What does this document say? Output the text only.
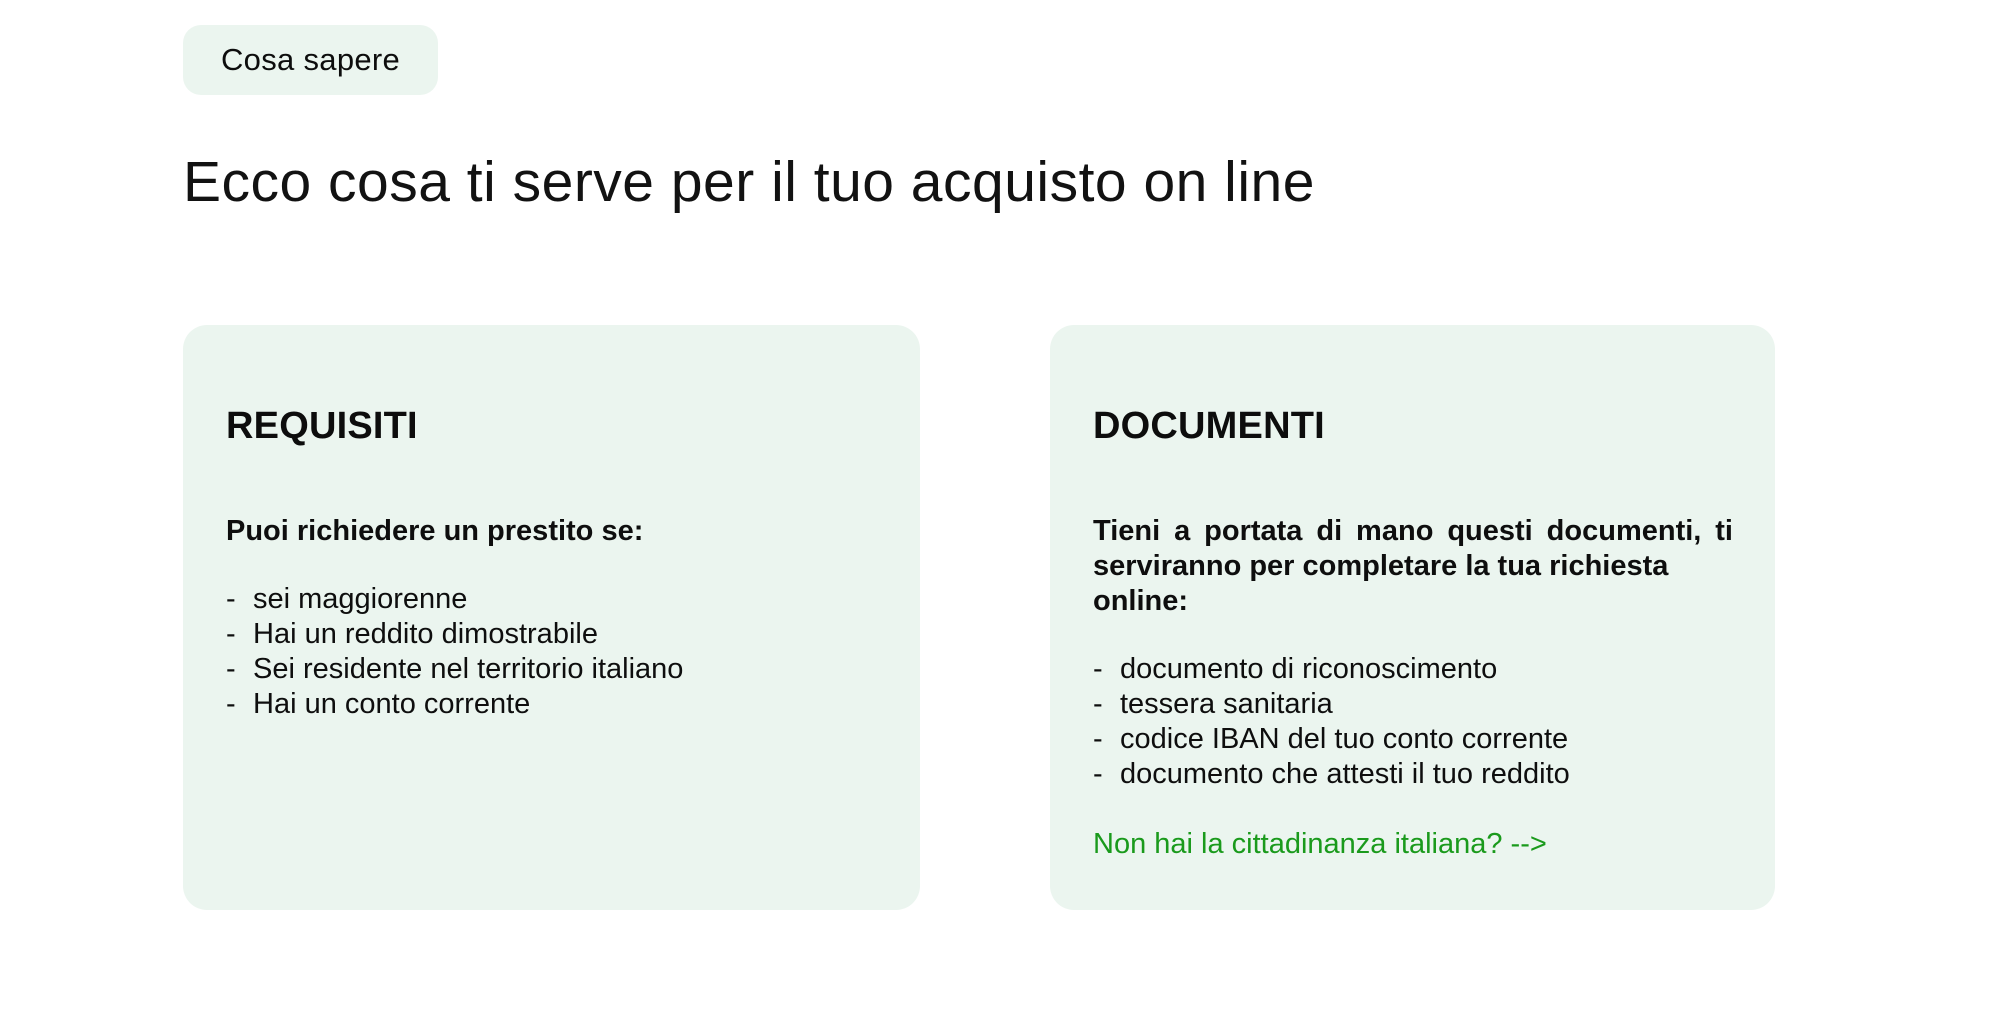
Cosa sapere
Ecco cosa ti serve per il tuo acquisto on line
REQUISITI

Puoi richiedere un prestito se:

- sei maggiorenne
- Hai un reddito dimostrabile
- Sei residente nel territorio italiano
- Hai un conto corrente
DOCUMENTI

Tieni a portata di mano questi documenti, ti
serviranno per completare la tua richiesta online:

- documento di riconoscimento
- tessera sanitaria
- codice IBAN del tuo conto corrente
- documento che attesti il tuo reddito
Non hai la cittadinanza italiana? -->
